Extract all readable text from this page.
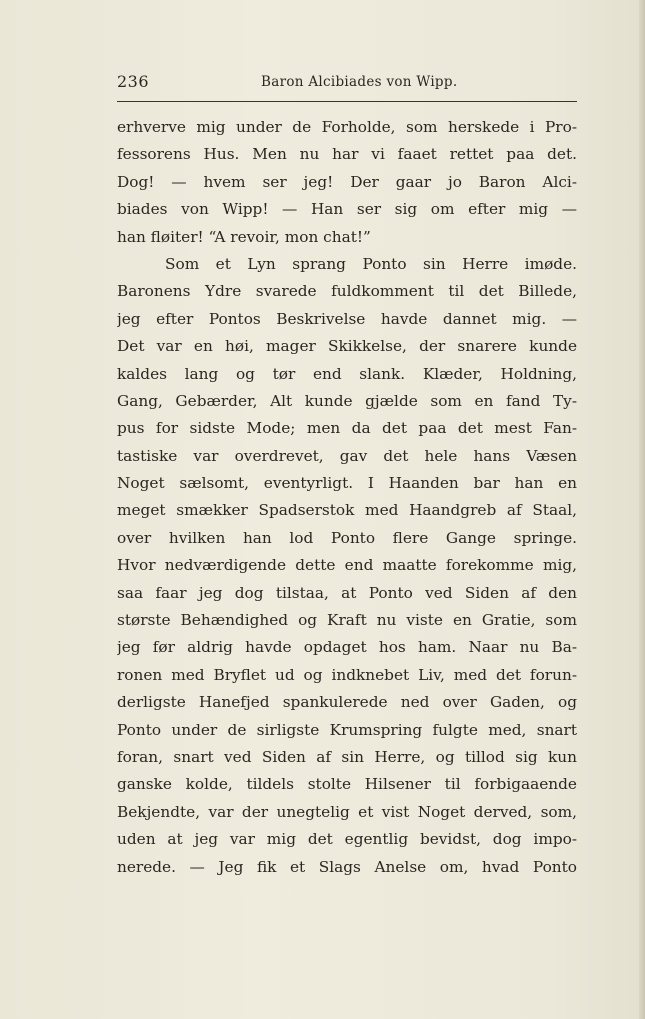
236	Baron Alcibiades von Wipp.
erhverve mig under de Forholde, som herskede i Pro-
fessorens Hus. Men nu har vi faaet rettet paa det.
Dog! — hvem ser jeg! Der gaar jo Baron Alci-
biades von Wipp! — Han ser sig om efter mig —
han fløiter! “A revoir, mon chat!”
Som et Lyn sprang Ponto sin Herre imøde.
Baronens Ydre svarede fuldkomment til det Billede,
jeg efter Pontos Beskrivelse havde dannet mig. —
Det var en høi, mager Skikkelse, der snarere kunde
kaldes lang og tør end slank. Klæder, Holdning,
Gang, Gebærder, Alt kunde gjælde som en fand Ty-
pus for sidste Mode; men da det paa det mest Fan-
tastiske var overdrevet, gav det hele hans Væsen
Noget sælsomt, eventyrligt. I Haanden bar han en
meget smækker Spadserstok med Haandgreb af Staal,
over hvilken han lod Ponto flere Gange springe.
Hvor nedværdigende dette end maatte forekomme mig,
saa faar jeg dog tilstaa, at Ponto ved Siden af den
største Behændighed og Kraft nu viste en Gratie, som
jeg før aldrig havde opdaget hos ham. Naar nu Ba-
ronen med Bryflet ud og indknebet Liv, med det forun-
derligste Hanefjed spankulerede ned over Gaden, og
Ponto under de sirligste Krumspring fulgte med, snart
foran, snart ved Siden af sin Herre, og tillod sig kun
ganske kolde, tildels stolte Hilsener til forbigaaende
Bekjendte, var der unegtelig et vist Noget derved, som,
uden at jeg var mig det egentlig bevidst, dog impo-
nerede. — Jeg fik et Slags Anelse om, hvad Ponto
